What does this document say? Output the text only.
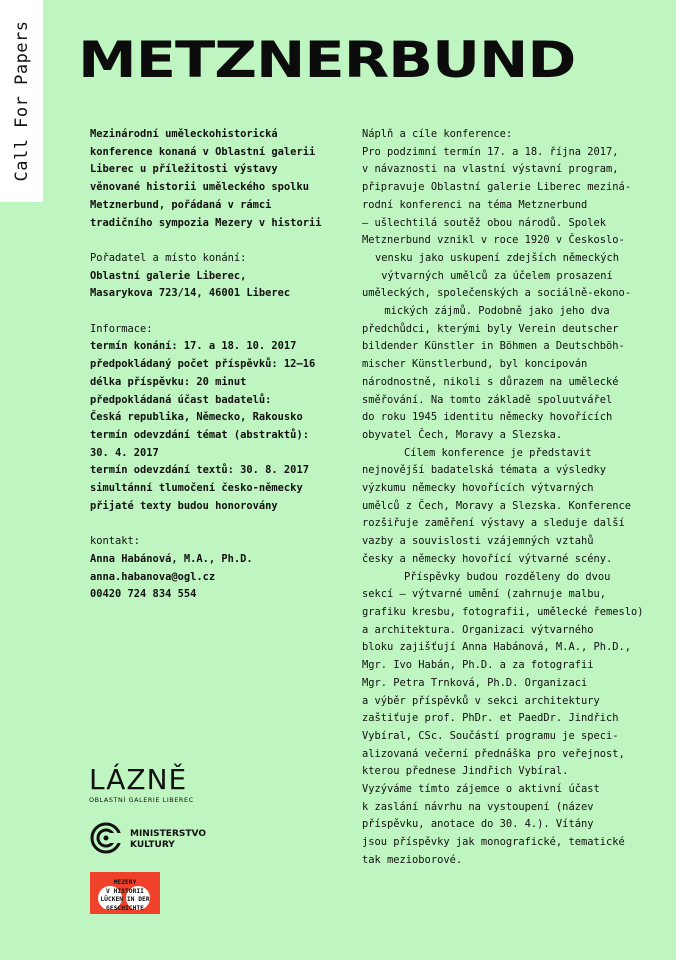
Call For Papers METZNERBUND
Mezinárodní uměleckohistorická
konference konaná v Oblastní galerii
Liberec u příležitosti výstavy
věnované historii uměleckého spolku
Metznerbund, pořádaná v rámci
tradičního sympozia Mezery v historii
Pořadatel a místo konání:
Oblastní galerie Liberec,
Masarykova 723/14, 46001 Liberec
Informace:
termín konání: 17. a 18. 10. 2017
předpokládaný počet příspěvků: 12–16
délka příspěvku: 20 minut
předpokládaná účast badatelů:
Česká republika, Německo, Rakousko
termín odevzdání témat (abstraktů):
30. 4. 2017
termín odevzdání textů: 30. 8. 2017
simultánní tlumočení česko-německy
přijaté texty budou honorovány
kontakt:
Anna Habánová, M.A., Ph.D.
anna.habanova@ogl.cz
00420 724 834 554
Náplň a cíle konference:
Pro podzimní termín 17. a 18. října 2017,
v návaznosti na vlastní výstavní program,
připravuje Oblastní galerie Liberec meziná-
rodní konferenci na téma Metznerbund
– ušlechtilá soutěž obou národů. Spolek
Metznerbund vznikl v roce 1920 v Českoslo-
vensku jako uskupení zdejších německých
výtvarných umělců za účelem prosazení
uměleckých, společenských a sociálně-ekono-
mických zájmů. Podobně jako jeho dva
předchůdci, kterými byly Verein deutscher
bildender Künstler in Böhmen a Deutschböh-
mischer Künstlerbund, byl koncipován
národnostně, nikoli s důrazem na umělecké
směřování. Na tomto základě spoluutvářel
do roku 1945 identitu německy hovořících
obyvatel Čech, Moravy a Slezska.
Cílem konference je představit
nejnovější badatelská témata a výsledky
výzkumu německy hovořících výtvarných
umělců z Čech, Moravy a Slezska. Konference
rozšiřuje zaměření výstavy a sleduje další
vazby a souvislosti vzájemných vztahů
česky a německy hovořící výtvarné scény.
Příspěvky budou rozděleny do dvou
sekcí – výtvarné umění (zahrnuje malbu,
grafiku kresbu, fotografii, umělecké řemeslo)
a architektura. Organizaci výtvarného
bloku zajišťují Anna Habánová, M.A., Ph.D.,
Mgr. Ivo Habán, Ph.D. a za fotografii
Mgr. Petra Trnková, Ph.D. Organizaci
a výběr příspěvků v sekci architektury
zaštiťuje prof. PhDr. et PaedDr. Jindřich
Vybíral, CSc. Součástí programu je speci-
alizovaná večerní přednáška pro veřejnost,
kterou přednese Jindřich Vybíral.
Vyzýváme tímto zájemce o aktivní účast
k zaslání návrhu na vystoupení (název
příspěvku, anotace do 30. 4.). Vítány
jsou příspěvky jak monografické, tematické
tak mezioborové.
LÁZNĚ
OBLASTNÍ GALERIE LIBEREC
MINISTERSTVO
KULTURY
MEZERY
V HISTORII
LÜCKEN IN DER
GESCHICHTE
